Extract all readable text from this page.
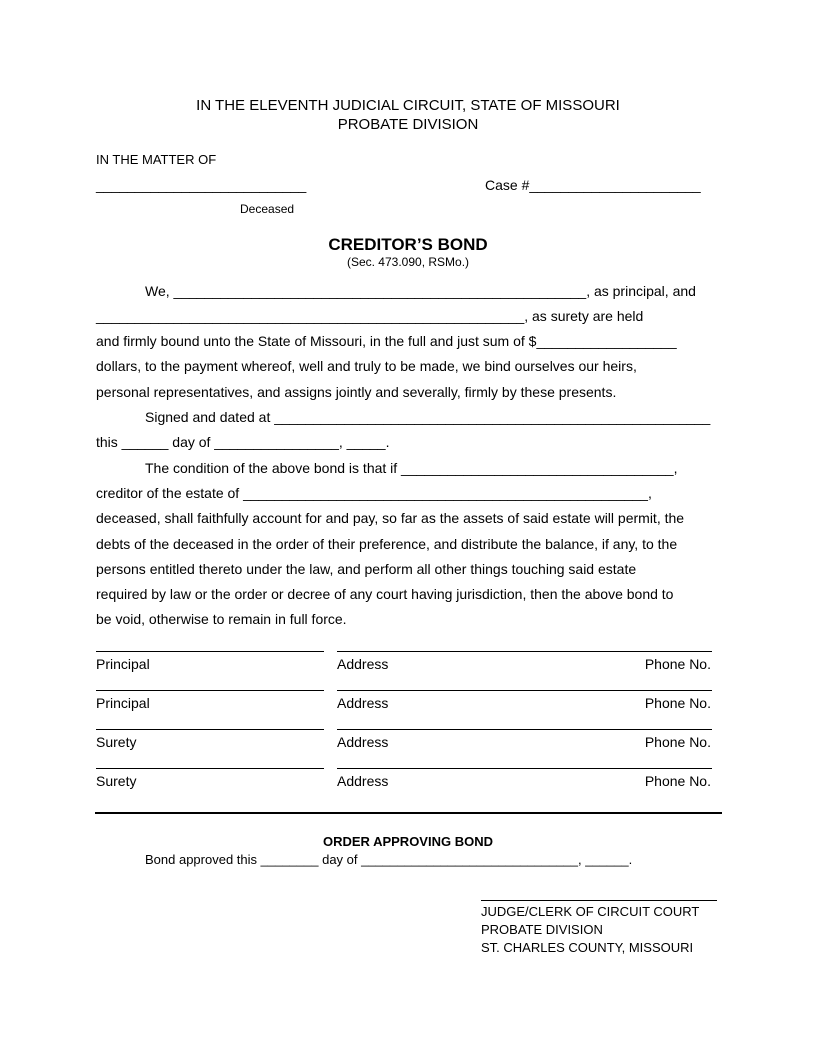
IN THE ELEVENTH JUDICIAL CIRCUIT, STATE OF MISSOURI
PROBATE DIVISION
IN THE MATTER OF
___________________________	Case #______________________
Deceased
CREDITOR’S BOND
(Sec. 473.090, RSMo.)
We, _____________________________________________________, as principal, and
_______________________________________________________, as surety are held
and firmly bound unto the State of Missouri, in the full and just sum of $__________________
dollars, to the payment whereof, well and truly to be made, we bind ourselves our heirs,
personal representatives, and assigns jointly and severally, firmly by these presents.
Signed and dated at ________________________________________________________
this ______ day of ________________, _____.
The condition of the above bond is that if ___________________________________,
creditor of the estate of ____________________________________________________,
deceased, shall faithfully account for and pay, so far as the assets of said estate will permit, the
debts of the deceased in the order of their preference, and distribute the balance, if any, to the
persons entitled thereto under the law, and perform all other things touching said estate
required by law or the order or decree of any court having jurisdiction, then the above bond to
be void, otherwise to remain in full force.
Principal	Address	Phone No.
Principal	Address	Phone No.
Surety	Address	Phone No.
Surety	Address	Phone No.
ORDER APPROVING BOND
Bond approved this ________ day of ______________________________, ______.
JUDGE/CLERK OF CIRCUIT COURT
PROBATE DIVISION
ST. CHARLES COUNTY, MISSOURI
